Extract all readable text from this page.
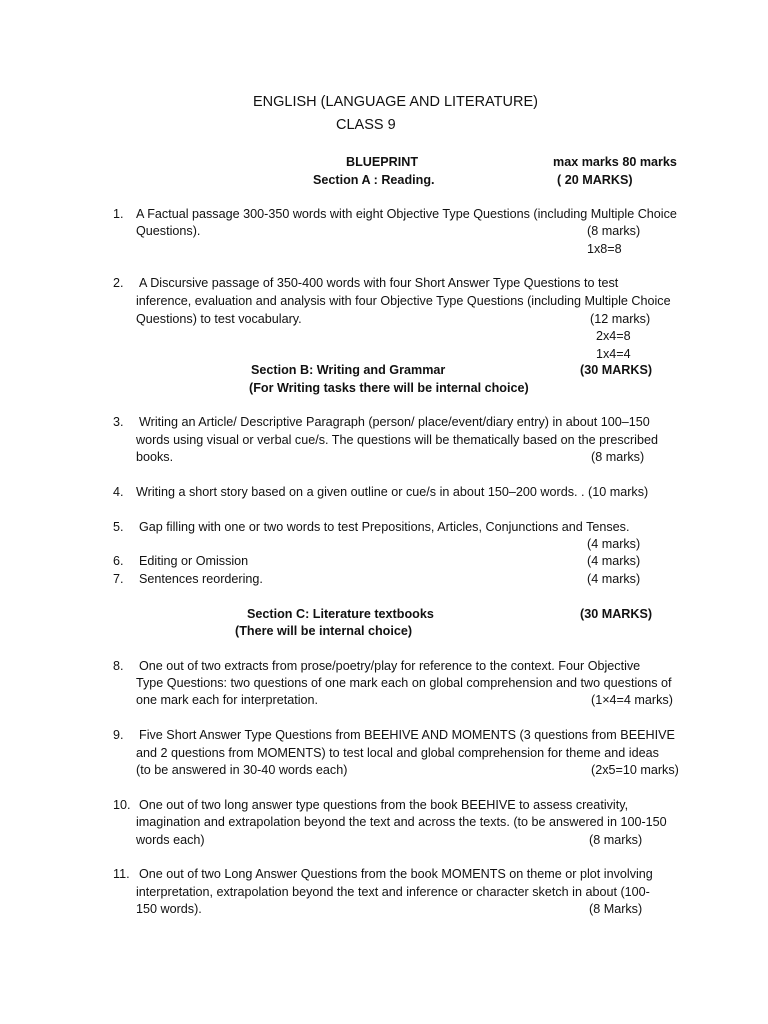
ENGLISH (LANGUAGE AND LITERATURE)
CLASS 9
BLUEPRINT	max marks 80 marks
Section A : Reading.	( 20 MARKS)
1. A Factual passage 300-350 words with eight Objective Type Questions (including Multiple Choice
Questions).	(8 marks)
1x8=8
2. A Discursive passage of 350-400 words with four Short Answer Type Questions to test
inference, evaluation and analysis with four Objective Type Questions (including Multiple Choice
Questions) to test vocabulary.	(12 marks)
2x4=8
1x4=4
Section B: Writing and Grammar	(30 MARKS)
(For Writing tasks there will be internal choice)
3. Writing an Article/ Descriptive Paragraph (person/ place/event/diary entry) in about 100–150
words using visual or verbal cue/s. The questions will be thematically based on the prescribed
books.	(8 marks)
4. Writing a short story based on a given outline or cue/s in about 150–200 words. . (10 marks)
5. Gap filling with one or two words to test Prepositions, Articles, Conjunctions and Tenses.
(4 marks)
6. Editing or Omission	(4 marks)
7. Sentences reordering.	(4 marks)
Section C: Literature textbooks	(30 MARKS)
(There will be internal choice)
8. One out of two extracts from prose/poetry/play for reference to the context. Four Objective
Type Questions: two questions of one mark each on global comprehension and two questions of
one mark each for interpretation.	(1×4=4 marks)
9. Five Short Answer Type Questions from BEEHIVE AND MOMENTS (3 questions from BEEHIVE
and 2 questions from MOMENTS) to test local and global comprehension for theme and ideas
(to be answered in 30-40 words each)	(2x5=10 marks)
10. One out of two long answer type questions from the book BEEHIVE to assess creativity,
imagination and extrapolation beyond the text and across the texts. (to be answered in 100-150
words each)	(8 marks)
11. One out of two Long Answer Questions from the book MOMENTS on theme or plot involving
interpretation, extrapolation beyond the text and inference or character sketch in about (100-
150 words).	(8 Marks)
